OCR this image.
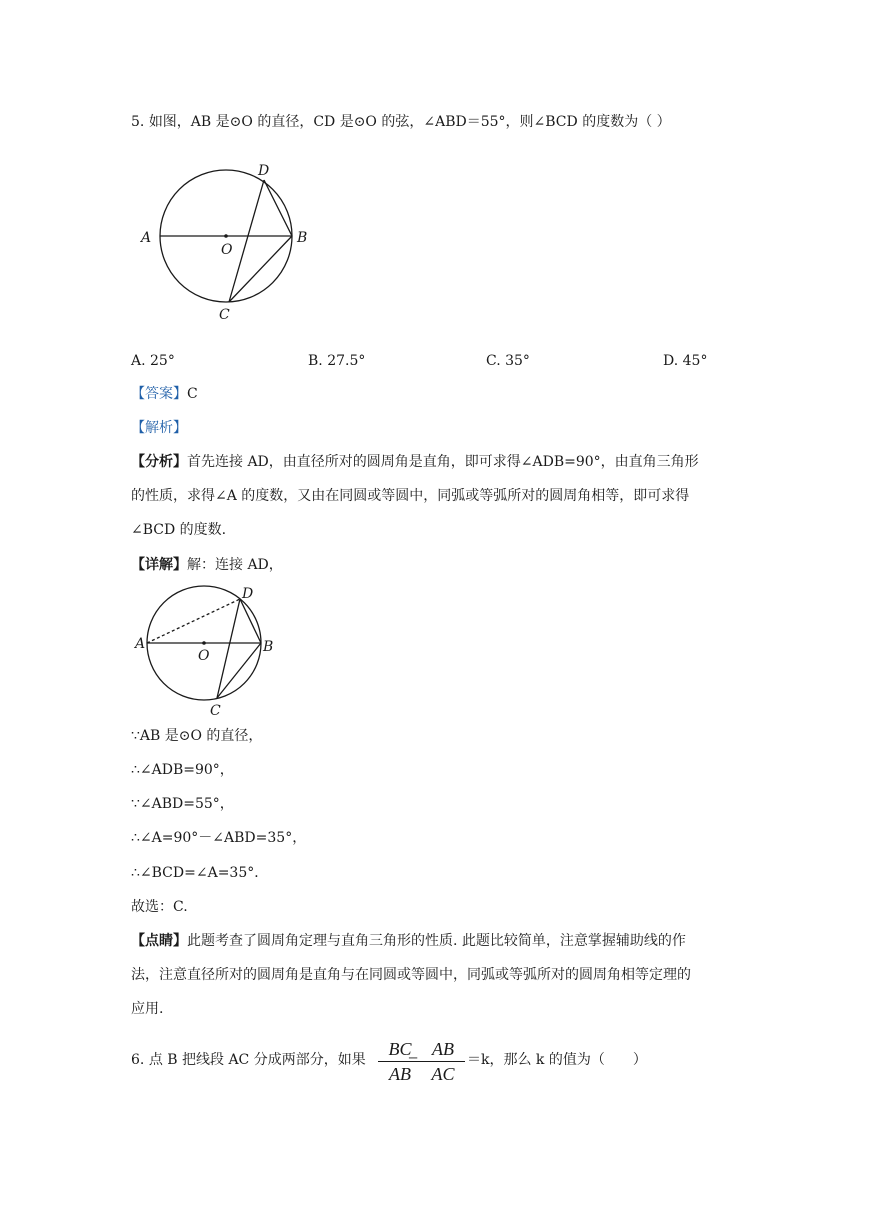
5. 如图，AB 是⊙O 的直径，CD 是⊙O 的弦，∠ABD＝55°，则∠BCD 的度数为（ ）
A	B
D
C
O
A. 25°	B. 27.5°	C. 35°	D. 45°
【答案】C
【解析】
【分析】首先连接 AD，由直径所对的圆周角是直角，即可求得∠ADB=90°，由直角三角形
的性质，求得∠A 的度数，又由在同圆或等圆中，同弧或等弧所对的圆周角相等，即可求得
∠BCD 的度数.
【详解】解：连接 AD，
A	B
D
C
O
∵AB 是⊙O 的直径，
∴∠ADB=90°，
∵∠ABD=55°，
∴∠A=90°－∠ABD=35°，
∴∠BCD=∠A=35°．
故选：C.
【点睛】此题考查了圆周角定理与直角三角形的性质. 此题比较简单，注意掌握辅助线的作
法，注意直径所对的圆周角是直角与在同圆或等圆中，同弧或等弧所对的圆周角相等定理的
应用.
6. 点 B 把线段 AC 分成两部分，如果 $\frac{BC}{AB}$
= $\frac{AB}{AC} =k$，那么 k 的值为（　　）
